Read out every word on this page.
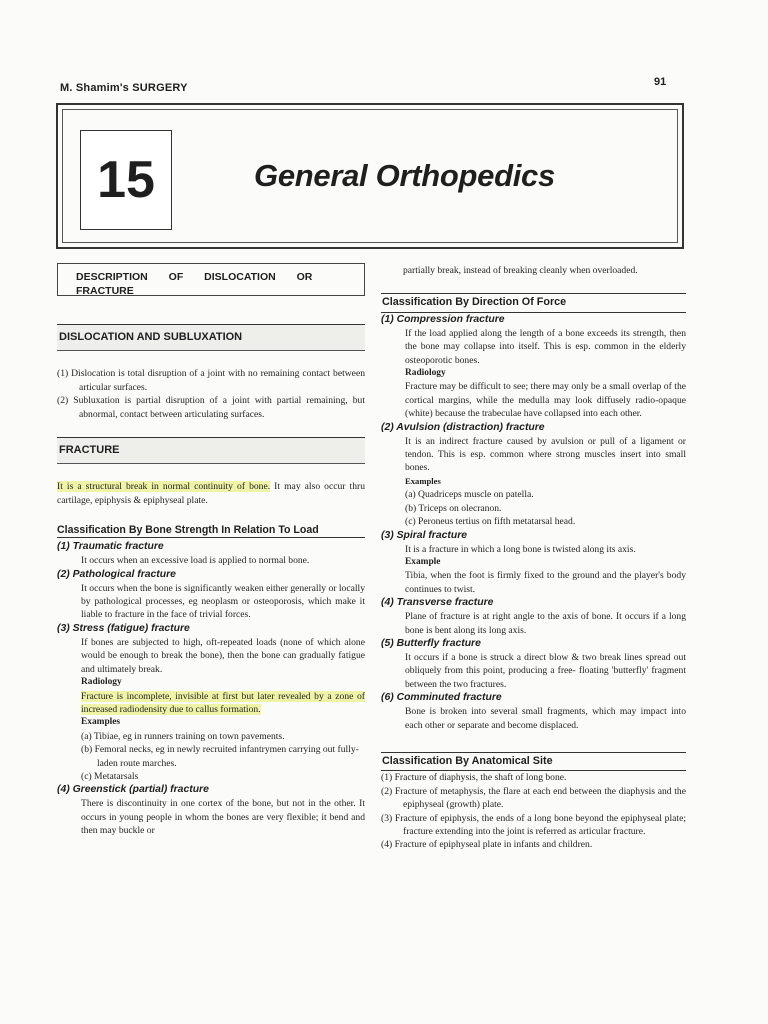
M. Shamim's SURGERY	91
15	General Orthopedics
DESCRIPTION OF DISLOCATION OR
FRACTURE
DISLOCATION AND SUBLUXATION
(1) Dislocation is total disruption of a joint with no remaining contact between articular surfaces.
(2) Subluxation is partial disruption of a joint with partial remaining, but abnormal, contact between articulating surfaces.
FRACTURE
It is a structural break in normal continuity of bone. It may also occur thru cartilage, epiphysis & epiphyseal plate.
Classification By Bone Strength In Relation To Load
(1) Traumatic fracture
It occurs when an excessive load is applied to normal bone.
(2) Pathological fracture
It occurs when the bone is significantly weaken either generally or locally by pathological processes, eg neoplasm or osteoporosis, which make it liable to fracture in the face of trivial forces.
(3) Stress (fatigue) fracture
If bones are subjected to high, oft-repeated loads (none of which alone would be enough to break the bone), then the bone can gradually fatigue and ultimately break.
Radiology
Fracture is incomplete, invisible at first but later revealed by a zone of increased radiodensity due to callus formation.
Examples
(a) Tibiae, eg in runners training on town pavements.
(b) Femoral necks, eg in newly recruited infantrymen carrying out fully-laden route marches.
(c) Metatarsals
(4) Greenstick (partial) fracture
There is discontinuity in one cortex of the bone, but not in the other. It occurs in young people in whom the bones are very flexible; it bend and then may buckle or
partially break, instead of breaking cleanly when overloaded.
Classification By Direction Of Force
(1) Compression fracture
If the load applied along the length of a bone exceeds its strength, then the bone may collapse into itself. This is esp. common in the elderly osteoporotic bones.
Radiology
Fracture may be difficult to see; there may only be a small overlap of the cortical margins, while the medulla may look diffusely radio-opaque (white) because the trabeculae have collapsed into each other.
(2) Avulsion (distraction) fracture
It is an indirect fracture caused by avulsion or pull of a ligament or tendon. This is esp. common where strong muscles insert into small bones.
Examples
(a) Quadriceps muscle on patella.
(b) Triceps on olecranon.
(c) Peroneus tertius on fifth metatarsal head.
(3) Spiral fracture
It is a fracture in which a long bone is twisted along its axis.
Example
Tibia, when the foot is firmly fixed to the ground and the player's body continues to twist.
(4) Transverse fracture
Plane of fracture is at right angle to the axis of bone. It occurs if a long bone is bent along its long axis.
(5) Butterfly fracture
It occurs if a bone is struck a direct blow & two break lines spread out obliquely from this point, producing a free- floating 'butterfly' fragment between the two fractures.
(6) Comminuted fracture
Bone is broken into several small fragments, which may impact into each other or separate and become displaced.
Classification By Anatomical Site
(1) Fracture of diaphysis, the shaft of long bone.
(2) Fracture of metaphysis, the flare at each end between the diaphysis and the epiphyseal (growth) plate.
(3) Fracture of epiphysis, the ends of a long bone beyond the epiphyseal plate; fracture extending into the joint is referred as articular fracture.
(4) Fracture of epiphyseal plate in infants and children.
